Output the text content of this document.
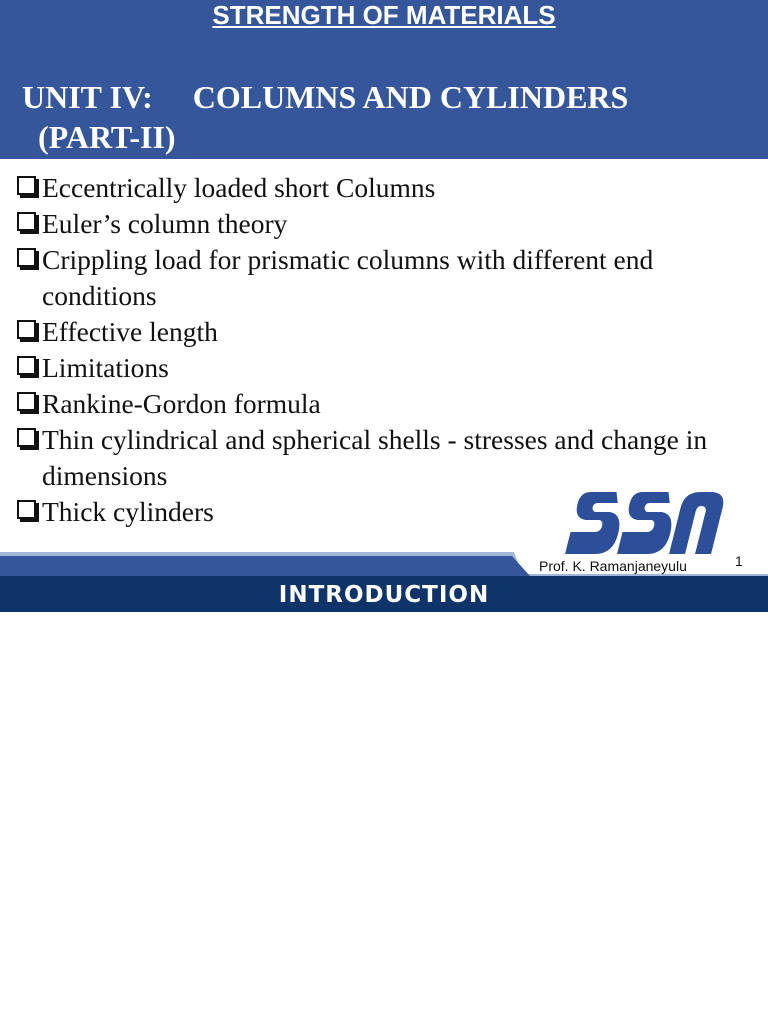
STRENGTH OF MATERIALS
UNIT IV:     COLUMNS AND CYLINDERS
(PART-II)
Eccentrically loaded short Columns
Euler’s column theory
Crippling load for prismatic columns with different end conditions
Effective length
Limitations
Rankine-Gordon formula
Thin cylindrical and spherical shells - stresses and change in dimensions
Thick cylinders
Prof. K. Ramanjaneyulu	1
INTRODUCTION
